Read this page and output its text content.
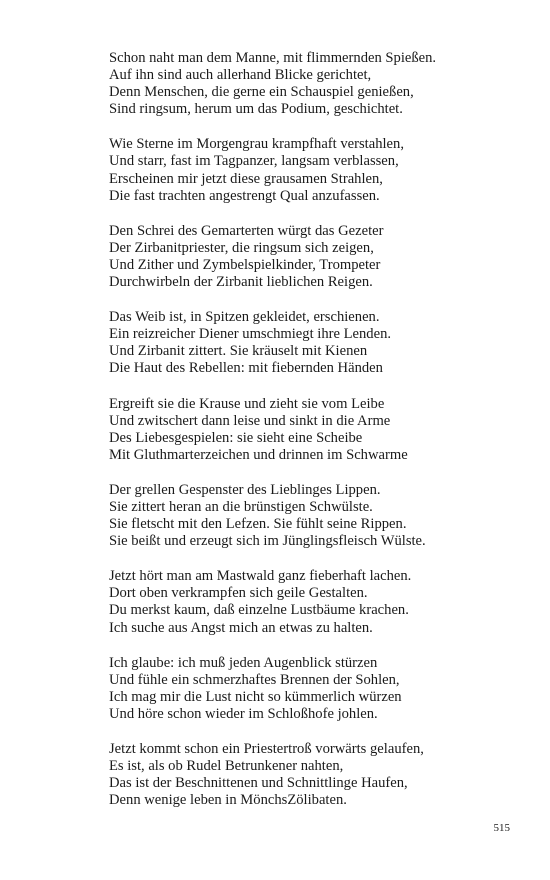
Schon naht man dem Manne, mit flimmernden Spießen.
Auf ihn sind auch allerhand Blicke gerichtet,
Denn Menschen, die gerne ein Schauspiel genießen,
Sind ringsum, herum um das Podium, geschichtet.
Wie Sterne im Morgengrau krampfhaft verstahlen,
Und starr, fast im Tagpanzer, langsam verblassen,
Erscheinen mir jetzt diese grausamen Strahlen,
Die fast trachten angestrengt Qual anzufassen.
Den Schrei des Gemarterten würgt das Gezeter
Der Zirbanitpriester, die ringsum sich zeigen,
Und Zither und Zymbelspielkinder, Trompeter
Durchwirbeln der Zirbanit lieblichen Reigen.
Das Weib ist, in Spitzen gekleidet, erschienen.
Ein reizreicher Diener umschmiegt ihre Lenden.
Und Zirbanit zittert. Sie kräuselt mit Kienen
Die Haut des Rebellen: mit fiebernden Händen
Ergreift sie die Krause und zieht sie vom Leibe
Und zwitschert dann leise und sinkt in die Arme
Des Liebesgespielen: sie sieht eine Scheibe
Mit Gluthmarterzeichen und drinnen im Schwarme
Der grellen Gespenster des Lieblinges Lippen.
Sie zittert heran an die brünstigen Schwülste.
Sie fletscht mit den Lefzen. Sie fühlt seine Rippen.
Sie beißt und erzeugt sich im Jünglingsfleisch Wülste.
Jetzt hört man am Mastwald ganz fieberhaft lachen.
Dort oben verkrampfen sich geile Gestalten.
Du merkst kaum, daß einzelne Lustbäume krachen.
Ich suche aus Angst mich an etwas zu halten.
Ich glaube: ich muß jeden Augenblick stürzen
Und fühle ein schmerzhaftes Brennen der Sohlen,
Ich mag mir die Lust nicht so kümmerlich würzen
Und höre schon wieder im Schloßhofe johlen.
Jetzt kommt schon ein Priestertroß vorwärts gelaufen,
Es ist, als ob Rudel Betrunkener nahten,
Das ist der Beschnittenen und Schnittlinge Haufen,
Denn wenige leben in MönchsZölibaten.
515
